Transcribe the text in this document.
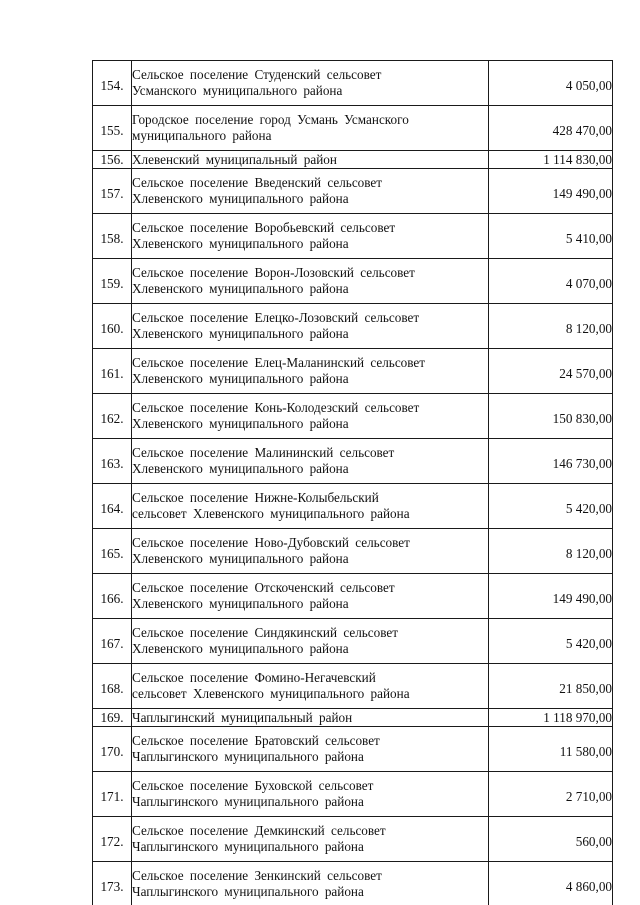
154.	Сельское поселение Студенский сельсовет
Усманского муниципального района	4 050,00
155.	Городское поселение город Усмань Усманского
муниципального района	428 470,00
156.	Хлевенский муниципальный район	1 114 830,00
157.	Сельское поселение Введенский сельсовет
Хлевенского муниципального района	149 490,00
158.	Сельское поселение Воробьевский сельсовет
Хлевенского муниципального района	5 410,00
159.	Сельское поселение Ворон-Лозовский сельсовет
Хлевенского муниципального района	4 070,00
160.	Сельское поселение Елецко-Лозовский сельсовет
Хлевенского муниципального района	8 120,00
161.	Сельское поселение Елец-Маланинский сельсовет
Хлевенского муниципального района	24 570,00
162.	Сельское поселение Конь-Колодезский сельсовет
Хлевенского муниципального района	150 830,00
163.	Сельское поселение Малининский сельсовет
Хлевенского муниципального района	146 730,00
164.	Сельское поселение Нижне-Колыбельский
сельсовет Хлевенского муниципального района	5 420,00
165.	Сельское поселение Ново-Дубовский сельсовет
Хлевенского муниципального района	8 120,00
166.	Сельское поселение Отскоченский сельсовет
Хлевенского муниципального района	149 490,00
167.	Сельское поселение Синдякинский сельсовет
Хлевенского муниципального района	5 420,00
168.	Сельское поселение Фомино-Негачевский
сельсовет Хлевенского муниципального района	21 850,00
169.	Чаплыгинский муниципальный район	1 118 970,00
170.	Сельское поселение Братовский сельсовет
Чаплыгинского муниципального района	11 580,00
171.	Сельское поселение Буховской сельсовет
Чаплыгинского муниципального района	2 710,00
172.	Сельское поселение Демкинский сельсовет
Чаплыгинского муниципального района	560,00
173.	Сельское поселение Зенкинский сельсовет
Чаплыгинского муниципального района	4 860,00
